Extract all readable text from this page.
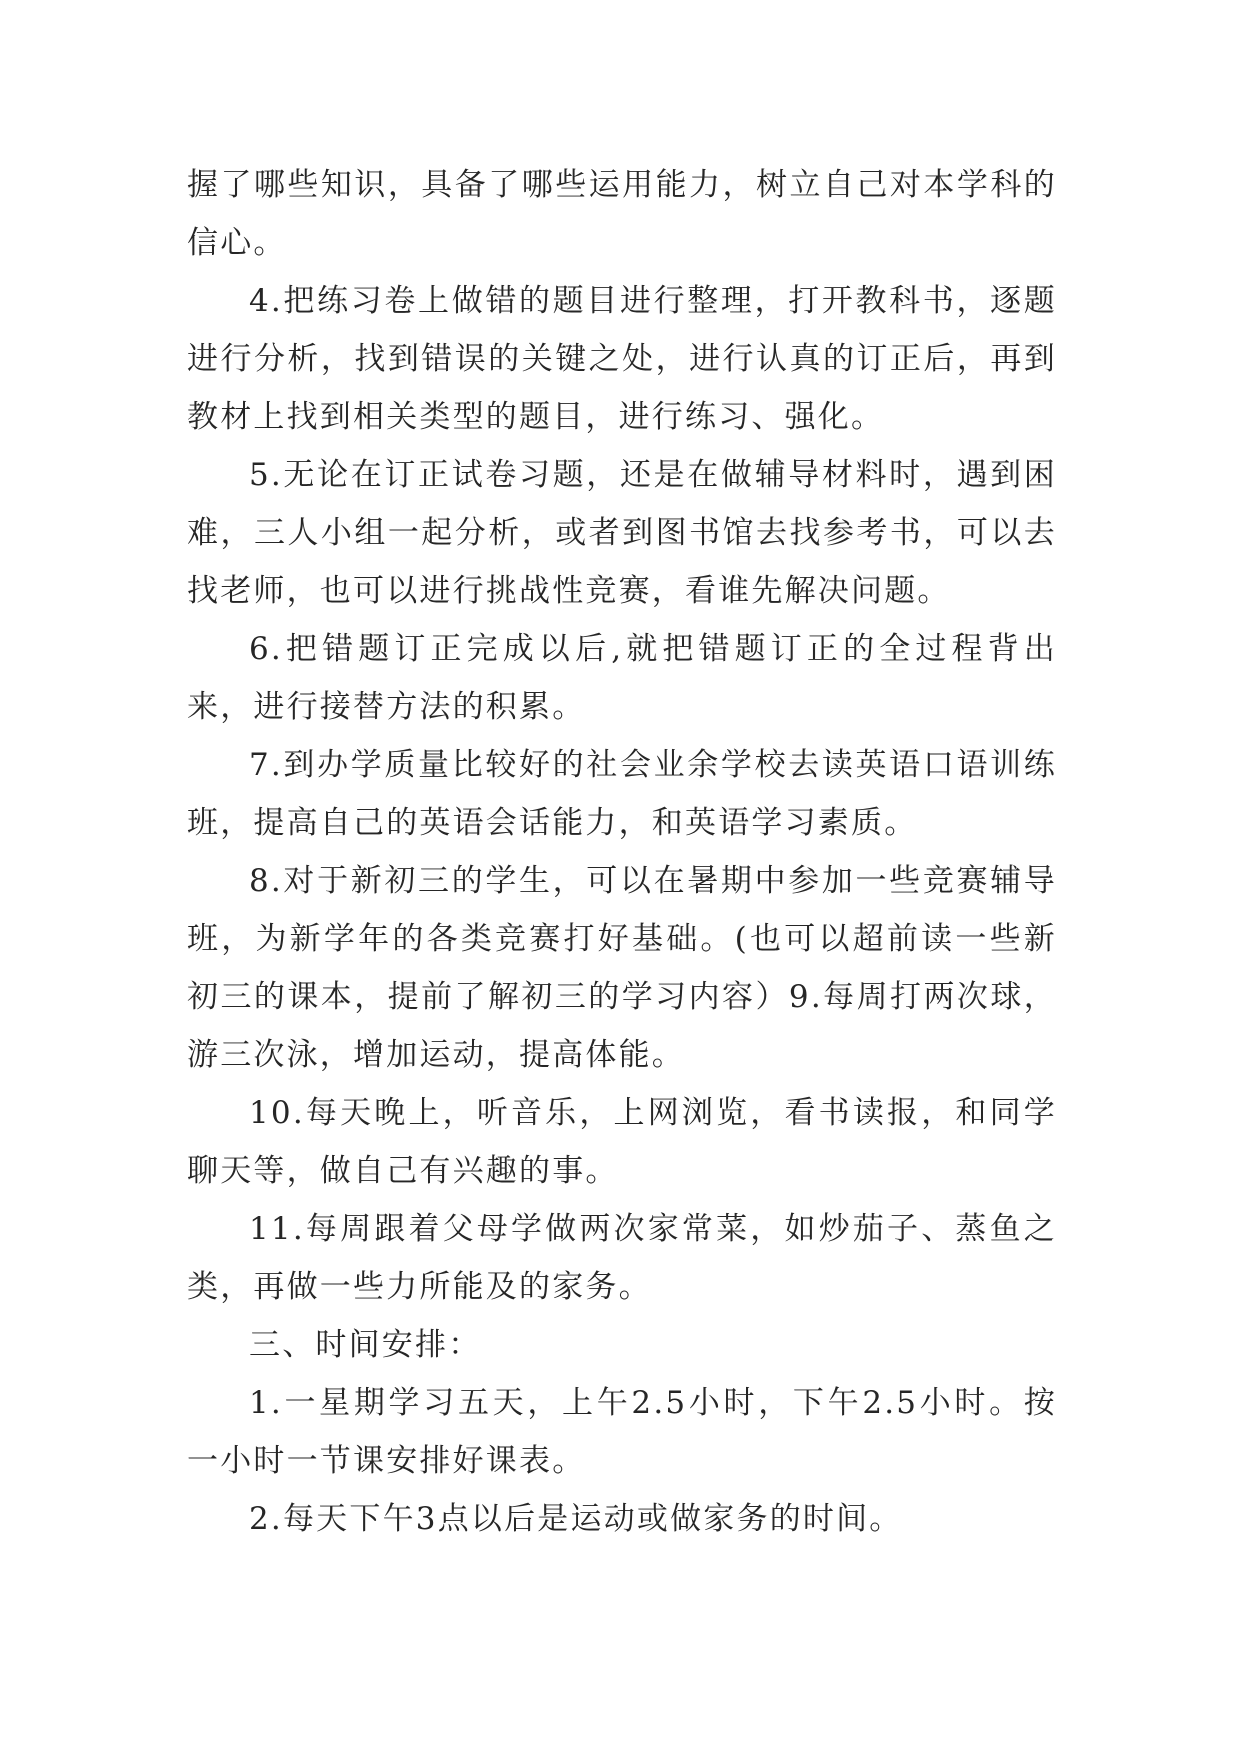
握了哪些知识，具备了哪些运用能力，树立自己对本学科的信心。

4.把练习卷上做错的题目进行整理，打开教科书，逐题进行分析，找到错误的关键之处，进行认真的订正后，再到教材上找到相关类型的题目，进行练习、强化。

5.无论在订正试卷习题，还是在做辅导材料时，遇到困难，三人小组一起分析，或者到图书馆去找参考书，可以去找老师，也可以进行挑战性竞赛，看谁先解决问题。

6.把错题订正完成以后,就把错题订正的全过程背出来，进行接替方法的积累。

7.到办学质量比较好的社会业余学校去读英语口语训练班，提高自己的英语会话能力，和英语学习素质。

8.对于新初三的学生，可以在暑期中参加一些竞赛辅导班，为新学年的各类竞赛打好基础。(也可以超前读一些新初三的课本，提前了解初三的学习内容）9.每周打两次球，游三次泳，增加运动，提高体能。

10.每天晚上，听音乐，上网浏览，看书读报，和同学聊天等，做自己有兴趣的事。

11.每周跟着父母学做两次家常菜，如炒茄子、蒸鱼之类，再做一些力所能及的家务。

三、时间安排：

1.一星期学习五天，上午2.5小时，下午2.5小时。按一小时一节课安排好课表。

2.每天下午3点以后是运动或做家务的时间。
